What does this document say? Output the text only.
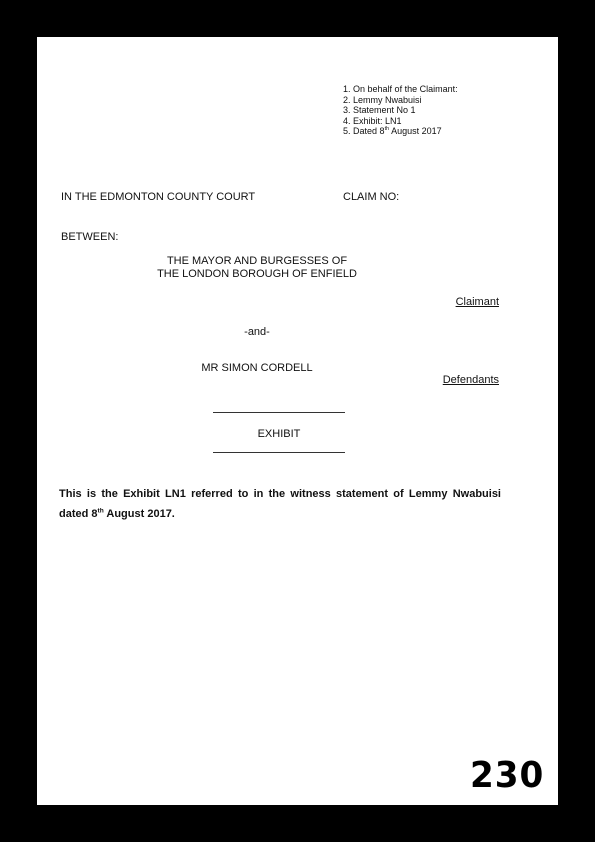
1. On behalf of the Claimant:
2. Lemmy Nwabuisi
3. Statement No 1
4. Exhibit: LN1
5. Dated 8th August 2017
IN THE EDMONTON COUNTY COURT	CLAIM NO:
BETWEEN:
THE MAYOR AND BURGESSES OF
THE LONDON BOROUGH OF ENFIELD
Claimant
-and-
MR SIMON CORDELL
Defendants
EXHIBIT
This is the Exhibit LN1 referred to in the witness statement of Lemmy Nwabuisi dated 8th August 2017.
230
